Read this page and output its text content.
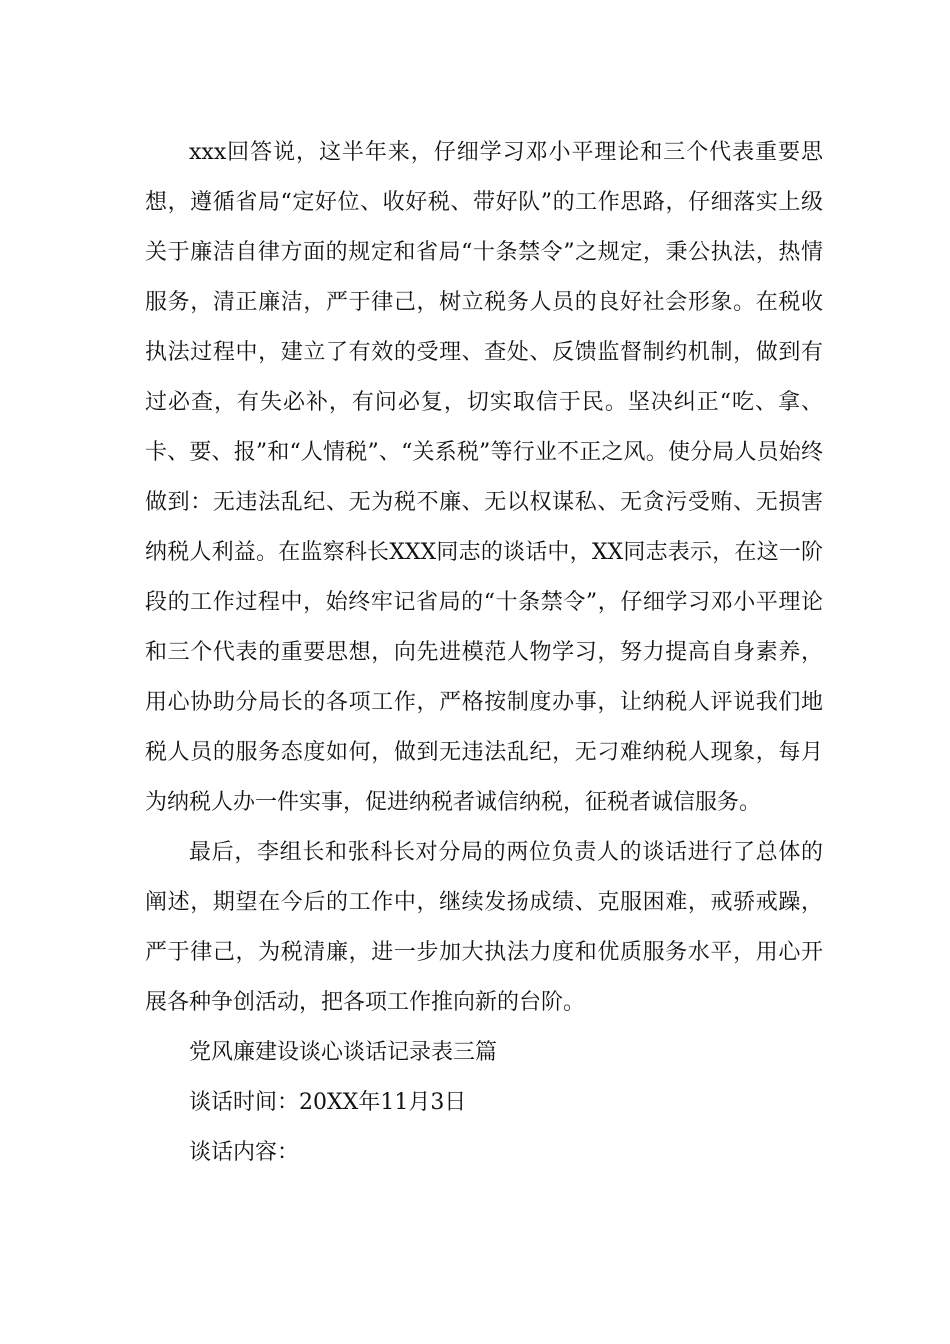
xxx回答说，这半年来，仔细学习邓小平理论和三个代表重要思想，遵循省局“定好位、收好税、带好队”的工作思路，仔细落实上级关于廉洁自律方面的规定和省局“十条禁令”之规定，秉公执法，热情服务，清正廉洁，严于律己，树立税务人员的良好社会形象。在税收执法过程中，建立了有效的受理、查处、反馈监督制约机制，做到有过必查，有失必补，有问必复，切实取信于民。坚决纠正“吃、拿、卡、要、报”和“人情税”、“关系税”等行业不正之风。使分局人员始终做到：无违法乱纪、无为税不廉、无以权谋私、无贪污受贿、无损害纳税人利益。在监察科长XXX同志的谈话中，XX同志表示，在这一阶段的工作过程中，始终牢记省局的“十条禁令”，仔细学习邓小平理论和三个代表的重要思想，向先进模范人物学习，努力提高自身素养，用心协助分局长的各项工作，严格按制度办事，让纳税人评说我们地税人员的服务态度如何，做到无违法乱纪，无刁难纳税人现象，每月为纳税人办一件实事，促进纳税者诚信纳税，征税者诚信服务。

最后，李组长和张科长对分局的两位负责人的谈话进行了总体的阐述，期望在今后的工作中，继续发扬成绩、克服困难，戒骄戒躁，严于律己，为税清廉，进一步加大执法力度和优质服务水平，用心开展各种争创活动，把各项工作推向新的台阶。

党风廉建设谈心谈话记录表三篇

谈话时间：20XX年11月3日

谈话内容：
